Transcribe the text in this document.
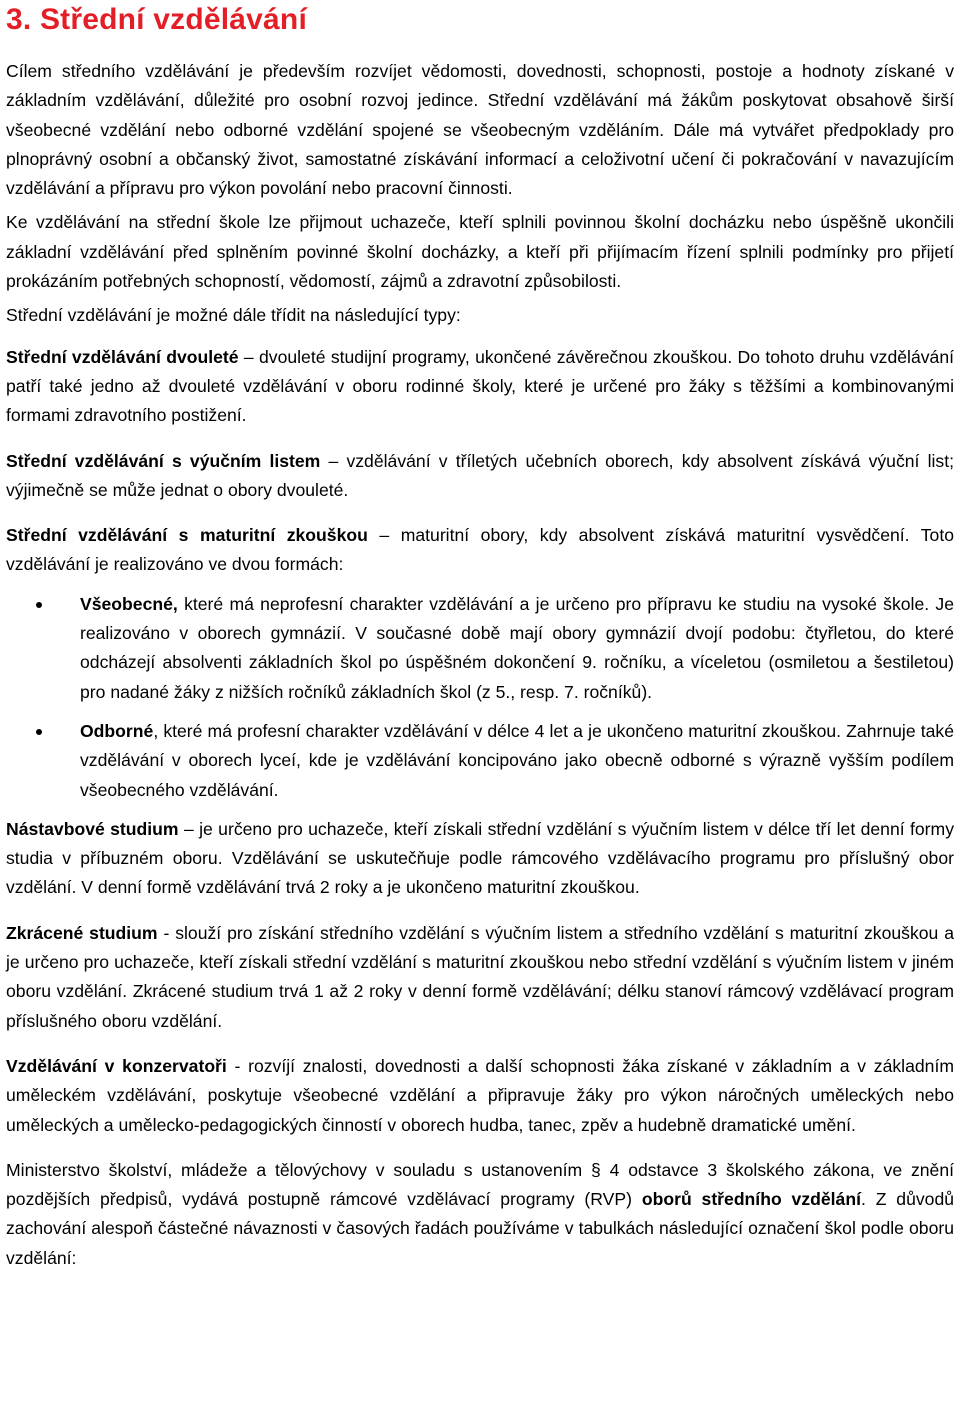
3. Střední vzdělávání

Cílem středního vzdělávání je především rozvíjet vědomosti, dovednosti, schopnosti, postoje a hodnoty získané v základním vzdělávání, důležité pro osobní rozvoj jedince. Střední vzdělávání má žákům poskytovat obsahově širší všeobecné vzdělání nebo odborné vzdělání spojené se všeobecným vzděláním. Dále má vytvářet předpoklady pro plnoprávný osobní a občanský život, samostatné získávání informací a celoživotní učení či pokračování v navazujícím vzdělávání a přípravu pro výkon povolání nebo pracovní činnosti.

Ke vzdělávání na střední škole lze přijmout uchazeče, kteří splnili povinnou školní docházku nebo úspěšně ukončili základní vzdělávání před splněním povinné školní docházky, a kteří při přijímacím řízení splnili podmínky pro přijetí prokázáním potřebných schopností, vědomostí, zájmů a zdravotní způsobilosti.

Střední vzdělávání je možné dále třídit na následující typy:

Střední vzdělávání dvouleté – dvouleté studijní programy, ukončené závěrečnou zkouškou. Do tohoto druhu vzdělávání patří také jedno až dvouleté vzdělávání v oboru rodinné školy, které je určené pro žáky s těžšími a kombinovanými formami zdravotního postižení.

Střední vzdělávání s výučním listem – vzdělávání v tříletých učebních oborech, kdy absolvent získává výuční list; výjimečně se může jednat o obory dvouleté.

Střední vzdělávání s maturitní zkouškou – maturitní obory, kdy absolvent získává maturitní vysvědčení. Toto vzdělávání je realizováno ve dvou formách:

Všeobecné, které má neprofesní charakter vzdělávání a je určeno pro přípravu ke studiu na vysoké škole. Je realizováno v oborech gymnázií. V současné době mají obory gymnázií dvojí podobu: čtyřletou, do které odcházejí absolventi základních škol po úspěšném dokončení 9. ročníku, a víceletou (osmiletou a šestiletou) pro nadané žáky z nižších ročníků základních škol (z 5., resp. 7. ročníků).
Odborné, které má profesní charakter vzdělávání v délce 4 let a je ukončeno maturitní zkouškou. Zahrnuje také vzdělávání v oborech lyceí, kde je vzdělávání koncipováno jako obecně odborné s výrazně vyšším podílem všeobecného vzdělávání.

Nástavbové studium – je určeno pro uchazeče, kteří získali střední vzdělání s výučním listem v délce tří let denní formy studia v příbuzném oboru. Vzdělávání se uskutečňuje podle rámcového vzdělávacího programu pro příslušný obor vzdělání. V denní formě vzdělávání trvá 2 roky a je ukončeno maturitní zkouškou.

Zkrácené studium - slouží pro získání středního vzdělání s výučním listem a středního vzdělání s maturitní zkouškou a je určeno pro uchazeče, kteří získali střední vzdělání s maturitní zkouškou nebo střední vzdělání s výučním listem v jiném oboru vzdělání. Zkrácené studium trvá 1 až 2 roky v denní formě vzdělávání; délku stanoví rámcový vzdělávací program příslušného oboru vzdělání.

Vzdělávání v konzervatoři - rozvíjí znalosti, dovednosti a další schopnosti žáka získané v základním a v základním uměleckém vzdělávání, poskytuje všeobecné vzdělání a připravuje žáky pro výkon náročných uměleckých nebo uměleckých a umělecko-pedagogických činností v oborech hudba, tanec, zpěv a hudebně dramatické umění.

Ministerstvo školství, mládeže a tělovýchovy v souladu s ustanovením § 4 odstavce 3 školského zákona, ve znění pozdějších předpisů, vydává postupně rámcové vzdělávací programy (RVP) oborů středního vzdělání. Z důvodů zachování alespoň částečné návaznosti v časových řadách používáme v tabulkách následující označení škol podle oboru vzdělání:
